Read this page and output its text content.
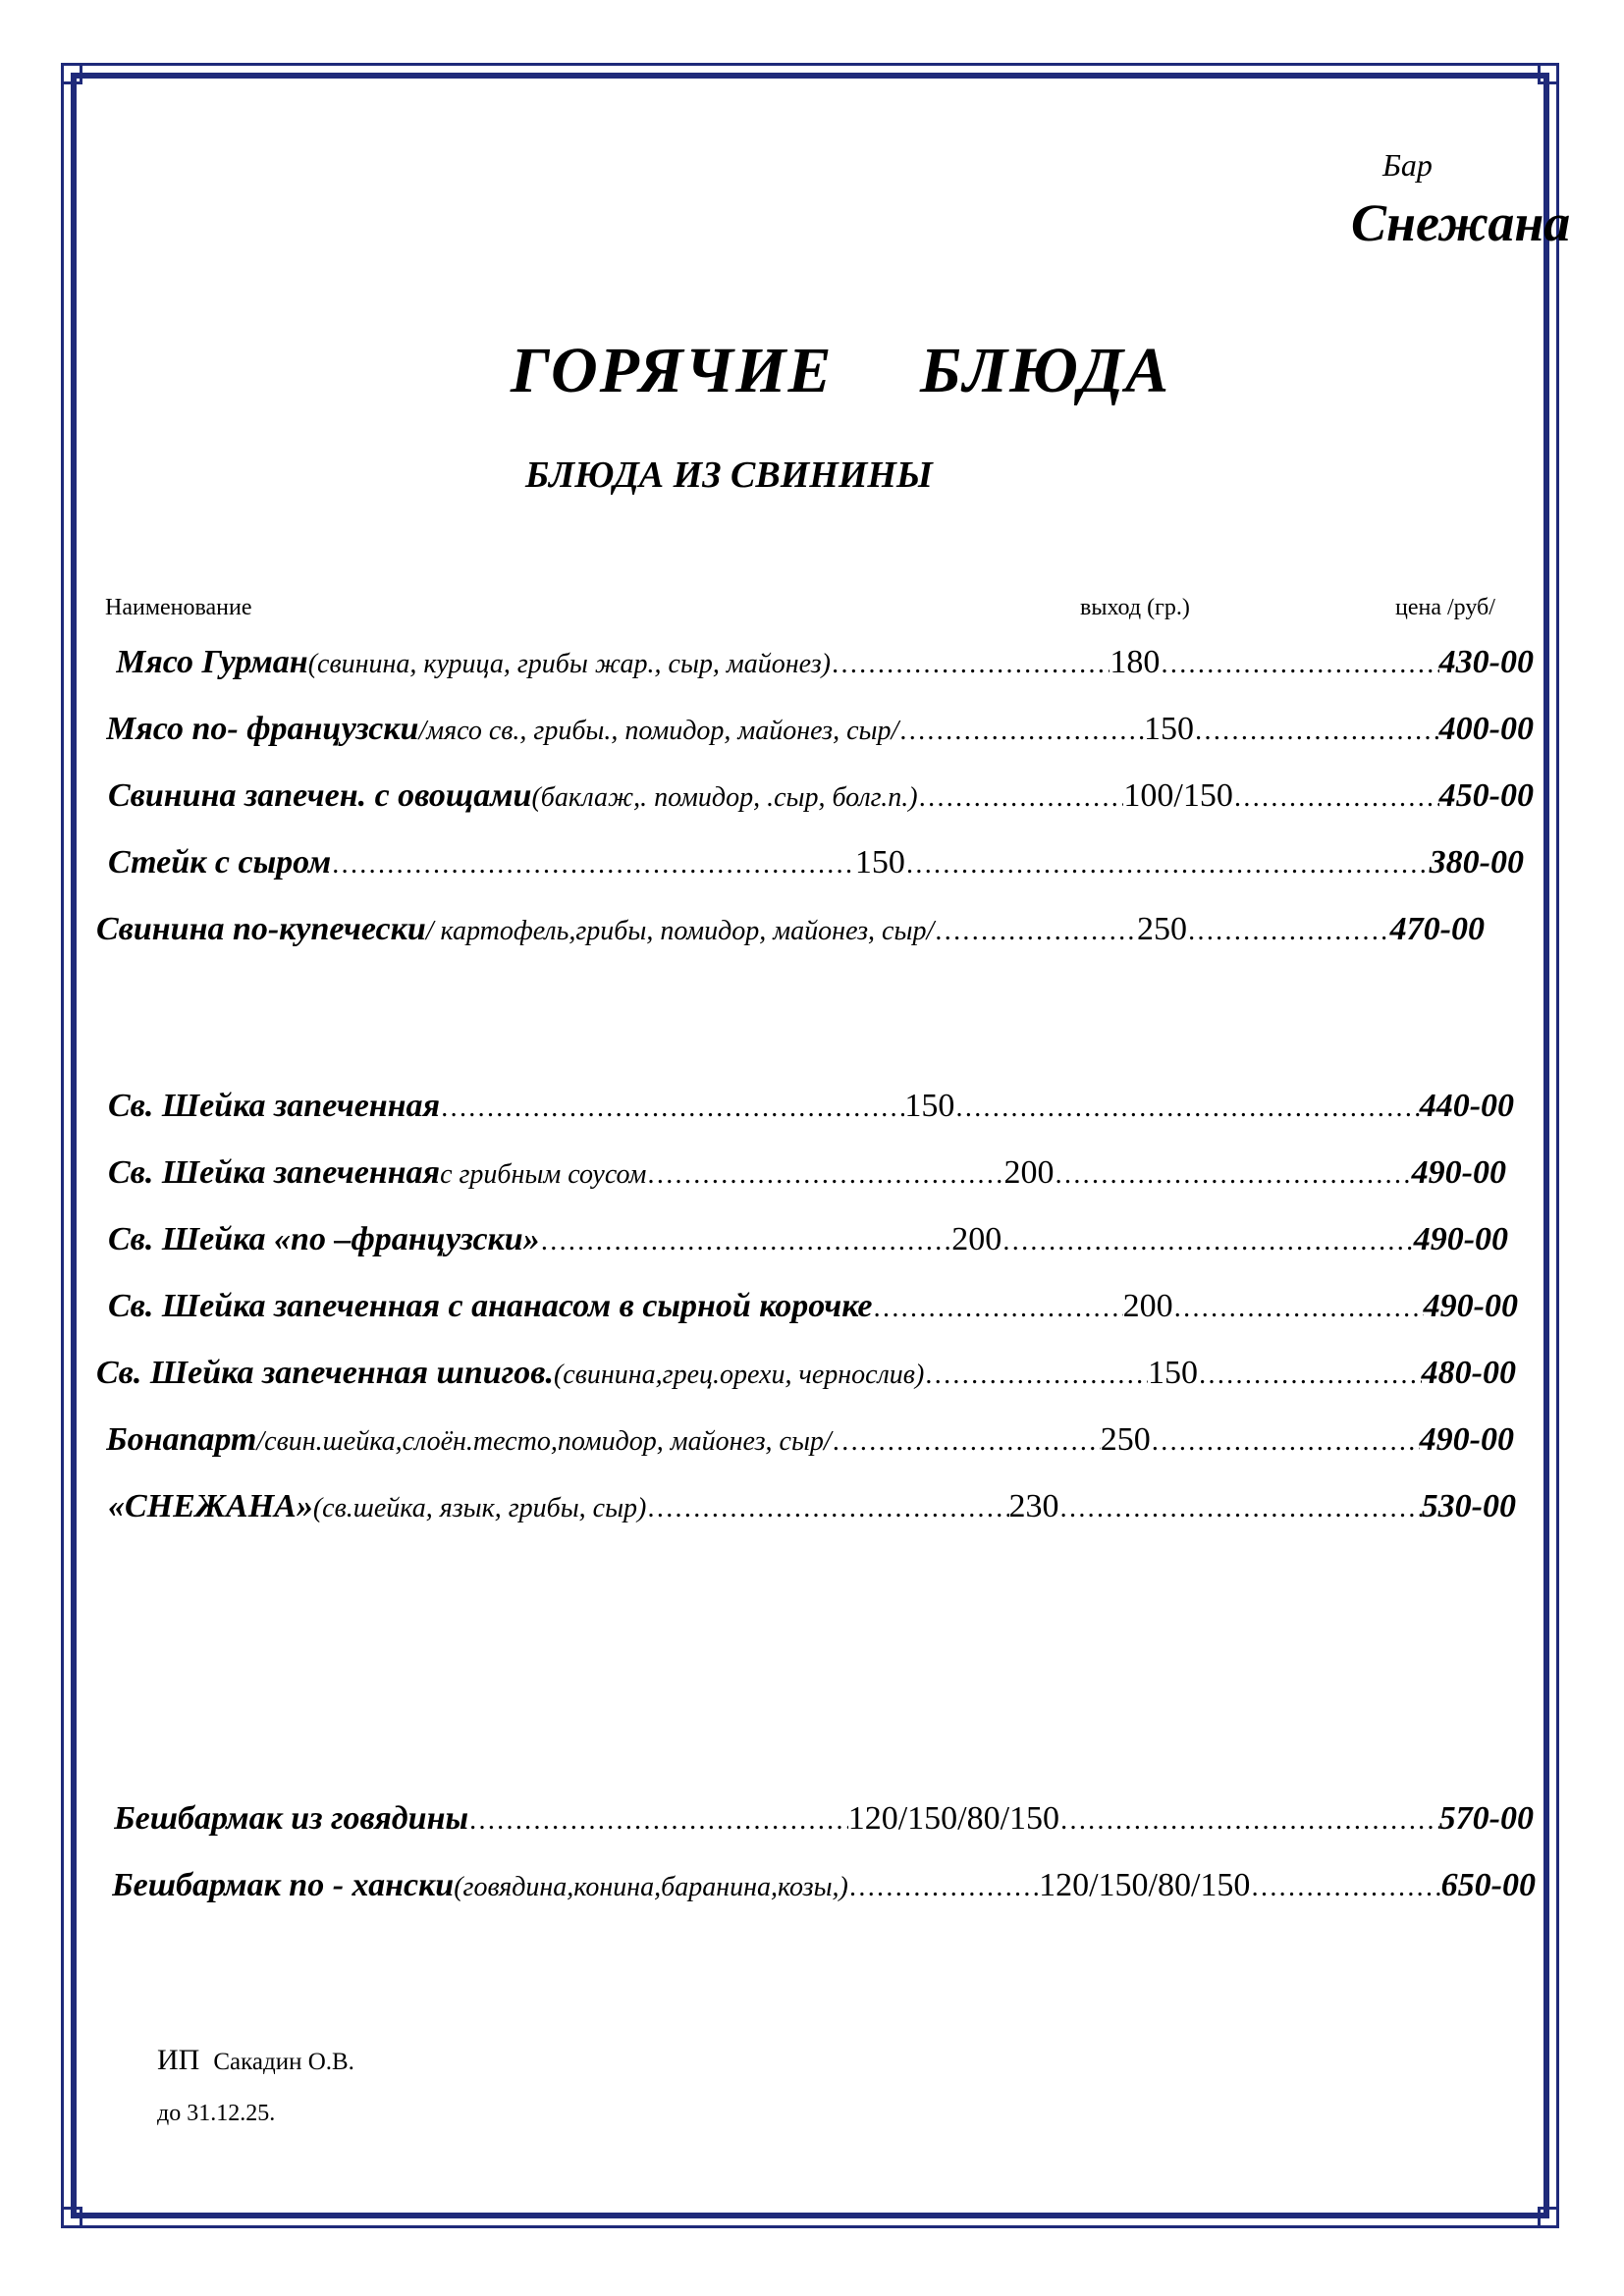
Бар
Снежана
ГОРЯЧИЕ БЛЮДА
БЛЮДА ИЗ СВИНИНЫ
Наименование	выход (гр.)	цена /руб/
Мясо Гурман (свинина, курица, грибы жар., сыр, майонез) …………………………………………………………………………………………………………………………………………………………………………………………………………………………………………	180 …………………………………………………………………………………………………………………………………………………………………………………………………………………………………………	430-00
Мясо по- французски /мясо св., грибы., помидор, майонез, сыр/ …………………………………………………………………………………………………………………………………………………………………………………………………………………………………………	150 …………………………………………………………………………………………………………………………………………………………………………………………………………………………………………	400-00
Свинина запечен. с овощами (баклаж,. помидор, .сыр, болг.п.) …………………………………………………………………………………………………………………………………………………………………………………………………………………………………………	100/150 …………………………………………………………………………………………………………………………………………………………………………………………………………………………………………	450-00
Стейк с сыром …………………………………………………………………………………………………………………………………………………………………………………………………………………………………………	150 …………………………………………………………………………………………………………………………………………………………………………………………………………………………………………	380-00
Свинина по-купечески / картофель,грибы, помидор, майонез, сыр/ …………………………………………………………………………………………………………………………………………………………………………………………………………………………………………	250 …………………………………………………………………………………………………………………………………………………………………………………………………………………………………………	470-00
Св. Шейка запеченная …………………………………………………………………………………………………………………………………………………………………………………………………………………………………………	150 …………………………………………………………………………………………………………………………………………………………………………………………………………………………………………	440-00
Св. Шейка запеченная с грибным соусом …………………………………………………………………………………………………………………………………………………………………………………………………………………………………………	200 …………………………………………………………………………………………………………………………………………………………………………………………………………………………………………	490-00
Св. Шейка «по –французски» …………………………………………………………………………………………………………………………………………………………………………………………………………………………………………	200 …………………………………………………………………………………………………………………………………………………………………………………………………………………………………………	490-00
Св. Шейка запеченная с ананасом в сырной корочке …………………………………………………………………………………………………………………………………………………………………………………………………………………………………………	200 …………………………………………………………………………………………………………………………………………………………………………………………………………………………………………	490-00
Св. Шейка запеченная шпигов. (свинина,грец.орехи, чернослив) …………………………………………………………………………………………………………………………………………………………………………………………………………………………………………	150 …………………………………………………………………………………………………………………………………………………………………………………………………………………………………………	480-00
Бонапарт /свин.шейка,слоён.тесто,помидор, майонез, сыр/ …………………………………………………………………………………………………………………………………………………………………………………………………………………………………………	250 …………………………………………………………………………………………………………………………………………………………………………………………………………………………………………	490-00
«СНЕЖАНА» (св.шейка, язык, грибы, сыр) …………………………………………………………………………………………………………………………………………………………………………………………………………………………………………	230 …………………………………………………………………………………………………………………………………………………………………………………………………………………………………………	530-00
Бешбармак из говядины …………………………………………………………………………………………………………………………………………………………………………………………………………………………………………	120/150/80/150 …………………………………………………………………………………………………………………………………………………………………………………………………………………………………………	570-00
Бешбармак по - хански (говядина,конина,баранина,козы,) …………………………………………………………………………………………………………………………………………………………………………………………………………………………………………	120/150/80/150 …………………………………………………………………………………………………………………………………………………………………………………………………………………………………………	650-00
ИП Сакадин О.В.
до 31.12.25.
